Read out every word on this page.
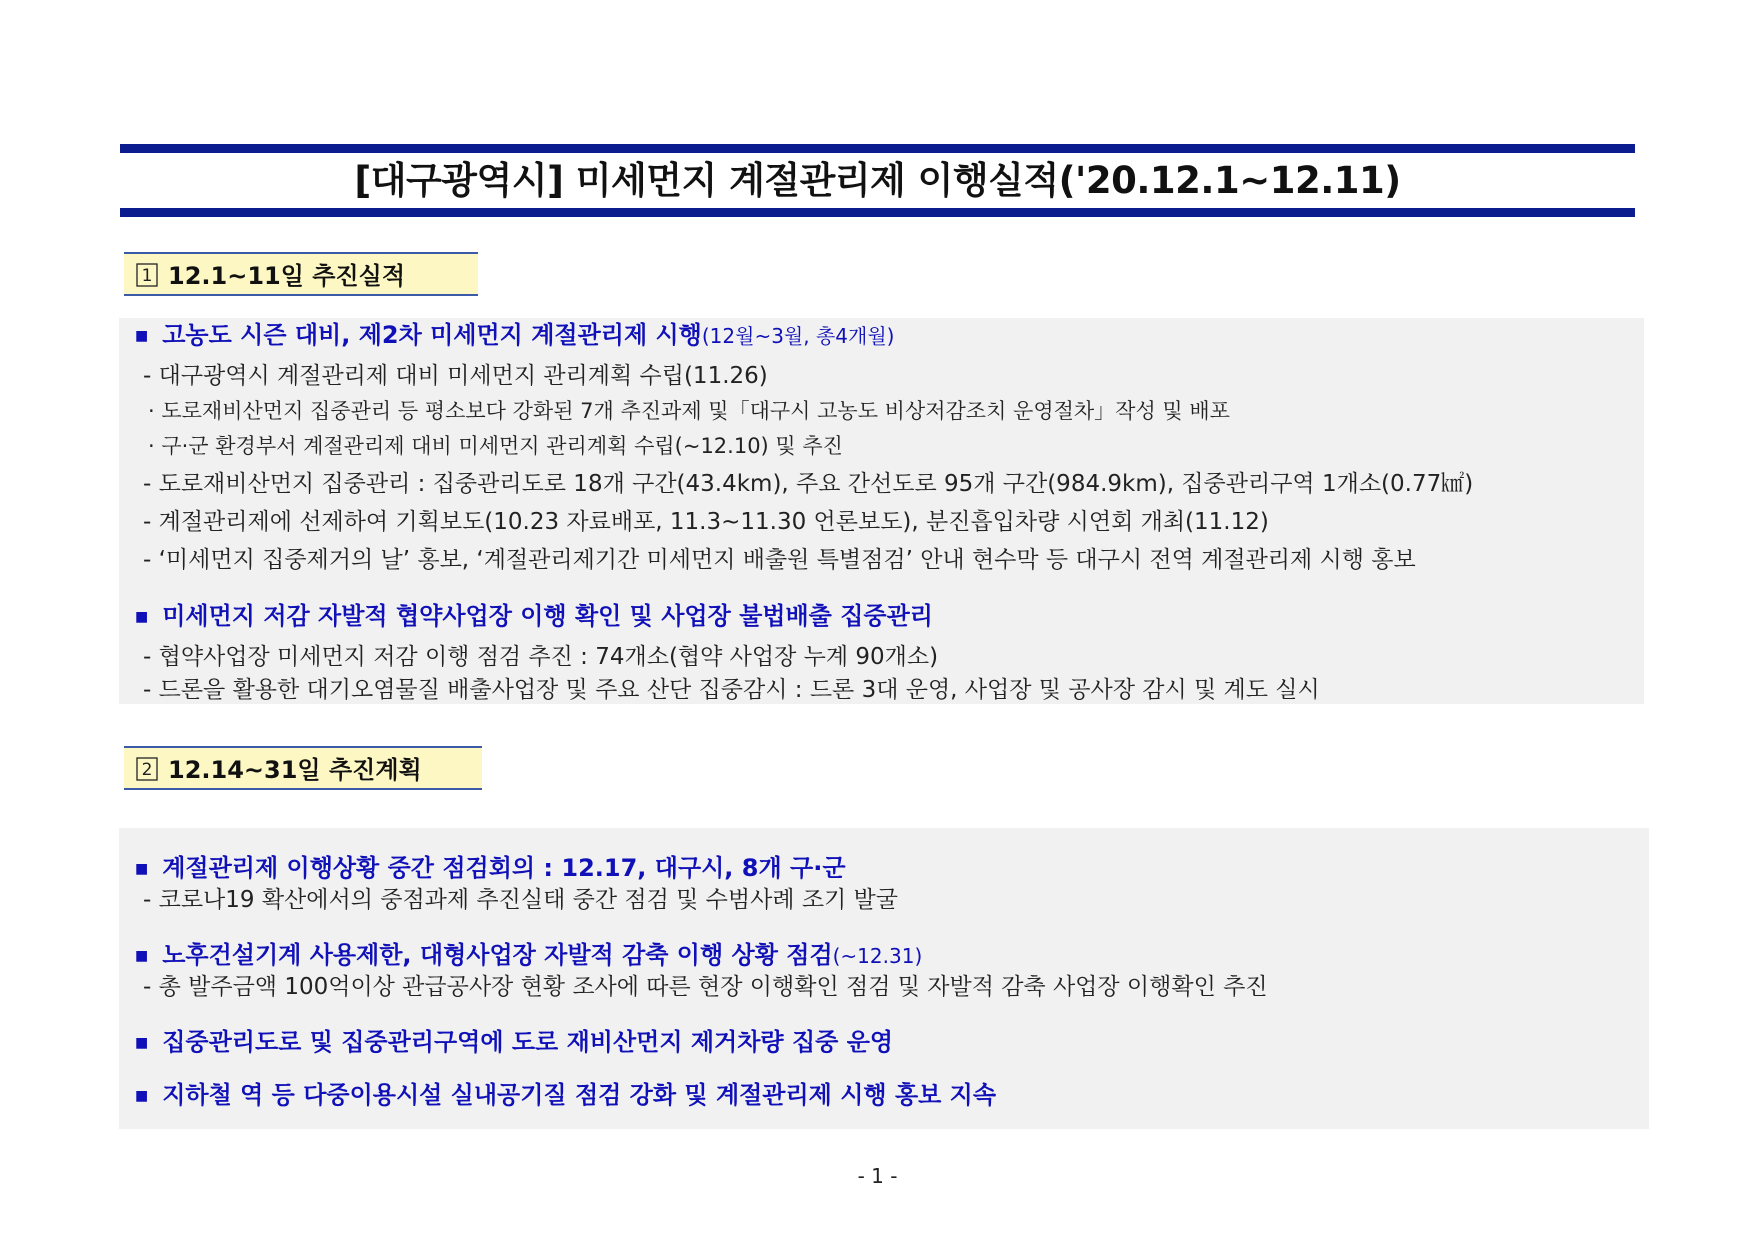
[대구광역시] 미세먼지 계절관리제 이행실적('20.12.1~12.11)
1 12.1~11일 추진실적
■ 고농도 시즌 대비, 제2차 미세먼지 계절관리제 시행(12월~3월, 총4개월)
- 대구광역시 계절관리제 대비 미세먼지 관리계획 수립(11.26)
· 도로재비산먼지 집중관리 등 평소보다 강화된 7개 추진과제 및「대구시 고농도 비상저감조치 운영절차」작성 및 배포
· 구·군 환경부서 계절관리제 대비 미세먼지 관리계획 수립(~12.10) 및 추진
- 도로재비산먼지 집중관리 : 집중관리도로 18개 구간(43.4km), 주요 간선도로 95개 구간(984.9km), 집중관리구역 1개소(0.77㎢)
- 계절관리제에 선제하여 기획보도(10.23 자료배포, 11.3~11.30 언론보도), 분진흡입차량 시연회 개최(11.12)
- ‘미세먼지 집중제거의 날’ 홍보, ‘계절관리제기간 미세먼지 배출원 특별점검’ 안내 현수막 등 대구시 전역 계절관리제 시행 홍보
■ 미세먼지 저감 자발적 협약사업장 이행 확인 및 사업장 불법배출 집중관리
- 협약사업장 미세먼지 저감 이행 점검 추진 : 74개소(협약 사업장 누계 90개소)
- 드론을 활용한 대기오염물질 배출사업장 및 주요 산단 집중감시 : 드론 3대 운영, 사업장 및 공사장 감시 및 계도 실시
2 12.14~31일 추진계획
■ 계절관리제 이행상황 중간 점검회의 : 12.17, 대구시, 8개 구·군
- 코로나19 확산에서의 중점과제 추진실태 중간 점검 및 수범사례 조기 발굴
■ 노후건설기계 사용제한, 대형사업장 자발적 감축 이행 상황 점검(~12.31)
- 총 발주금액 100억이상 관급공사장 현황 조사에 따른 현장 이행확인 점검 및 자발적 감축 사업장 이행확인 추진
■ 집중관리도로 및 집중관리구역에 도로 재비산먼지 제거차량 집중 운영
■ 지하철 역 등 다중이용시설 실내공기질 점검 강화 및 계절관리제 시행 홍보 지속
- 1 -
